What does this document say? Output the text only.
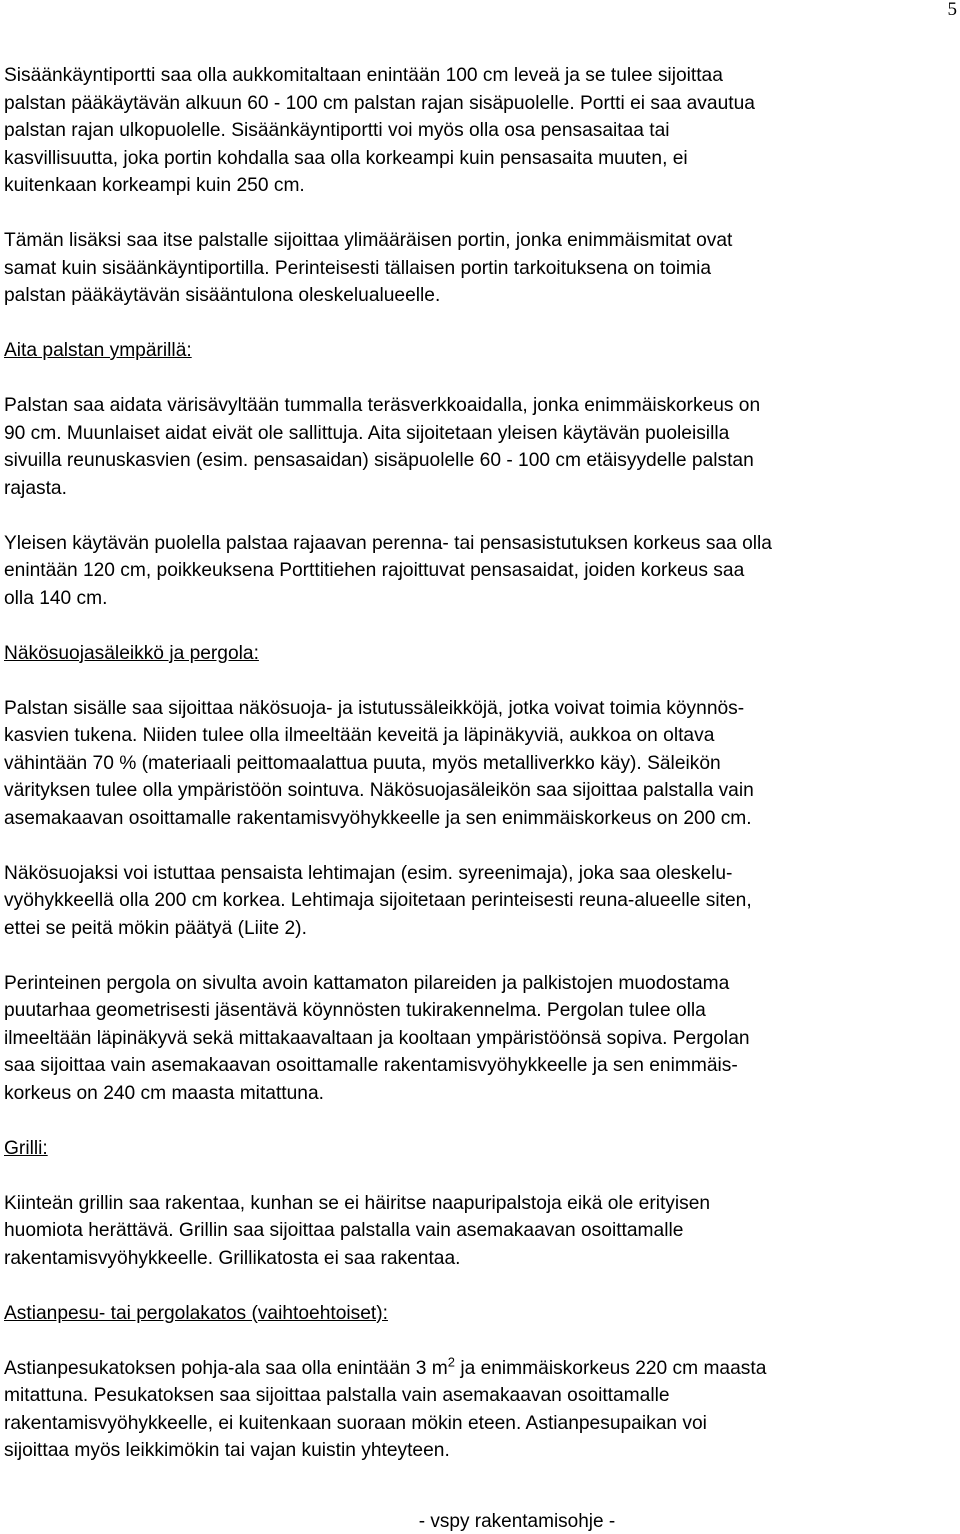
5

Sisäänkäyntiportti saa olla aukkomitaltaan enintään 100 cm leveä ja se tulee sijoittaa
palstan pääkäytävän alkuun 60 - 100 cm palstan rajan sisäpuolelle. Portti ei saa avautua
palstan rajan ulkopuolelle. Sisäänkäyntiportti voi myös olla osa pensasaitaa tai
kasvillisuutta, joka portin kohdalla saa olla korkeampi kuin pensasaita muuten, ei
kuitenkaan korkeampi kuin 250 cm.

Tämän lisäksi saa itse palstalle sijoittaa ylimääräisen portin, jonka enimmäismitat ovat
samat kuin sisäänkäyntiportilla. Perinteisesti tällaisen portin tarkoituksena on toimia
palstan pääkäytävän sisääntulona oleskelualueelle.

Aita palstan ympärillä:

Palstan saa aidata värisävyltään tummalla teräsverkkoaidalla, jonka enimmäiskorkeus on
90 cm. Muunlaiset aidat eivät ole sallittuja. Aita sijoitetaan yleisen käytävän puoleisilla
sivuilla reunuskasvien (esim. pensasaidan) sisäpuolelle 60 - 100 cm etäisyydelle palstan
rajasta.

Yleisen käytävän puolella palstaa rajaavan perenna- tai pensasistutuksen korkeus saa olla
enintään 120 cm, poikkeuksena Porttitiehen rajoittuvat pensasaidat, joiden korkeus saa
olla 140 cm.

Näkösuojasäleikkö ja pergola:

Palstan sisälle saa sijoittaa näkösuoja- ja istutussäleikköjä, jotka voivat toimia köynnös-
kasvien tukena. Niiden tulee olla ilmeeltään keveitä ja läpinäkyviä, aukkoa on oltava
vähintään 70 % (materiaali peittomaalattua puuta, myös metalliverkko käy). Säleikön
värityksen tulee olla ympäristöön sointuva. Näkösuojasäleikön saa sijoittaa palstalla vain
asemakaavan osoittamalle rakentamisvyöhykkeelle ja sen enimmäiskorkeus on 200 cm.

Näkösuojaksi voi istuttaa pensaista lehtimajan (esim. syreenimaja), joka saa oleskelu-
vyöhykkeellä olla 200 cm korkea. Lehtimaja sijoitetaan perinteisesti reuna-alueelle siten,
ettei se peitä mökin päätyä (Liite 2).

Perinteinen pergola on sivulta avoin kattamaton pilareiden ja palkistojen muodostama
puutarhaa geometrisesti jäsentävä köynnösten tukirakennelma. Pergolan tulee olla
ilmeeltään läpinäkyvä sekä mittakaavaltaan ja kooltaan ympäristöönsä sopiva. Pergolan
saa sijoittaa vain asemakaavan osoittamalle rakentamisvyöhykkeelle ja sen enimmäis-
korkeus on 240 cm maasta mitattuna.

Grilli:

Kiinteän grillin saa rakentaa, kunhan se ei häiritse naapuripalstoja eikä ole erityisen
huomiota herättävä. Grillin saa sijoittaa palstalla vain asemakaavan osoittamalle
rakentamisvyöhykkeelle. Grillikatosta ei saa rakentaa.

Astianpesu- tai pergolakatos (vaihtoehtoiset):

Astianpesukatoksen pohja-ala saa olla enintään 3 $m^2$ ja enimmäiskorkeus 220 cm maasta
mitattuna. Pesukatoksen saa sijoittaa palstalla vain asemakaavan osoittamalle
rakentamisvyöhykkeelle, ei kuitenkaan suoraan mökin eteen. Astianpesupaikan voi
sijoittaa myös leikkimökin tai vajan kuistin yhteyteen.

- vspy rakentamisohje -
